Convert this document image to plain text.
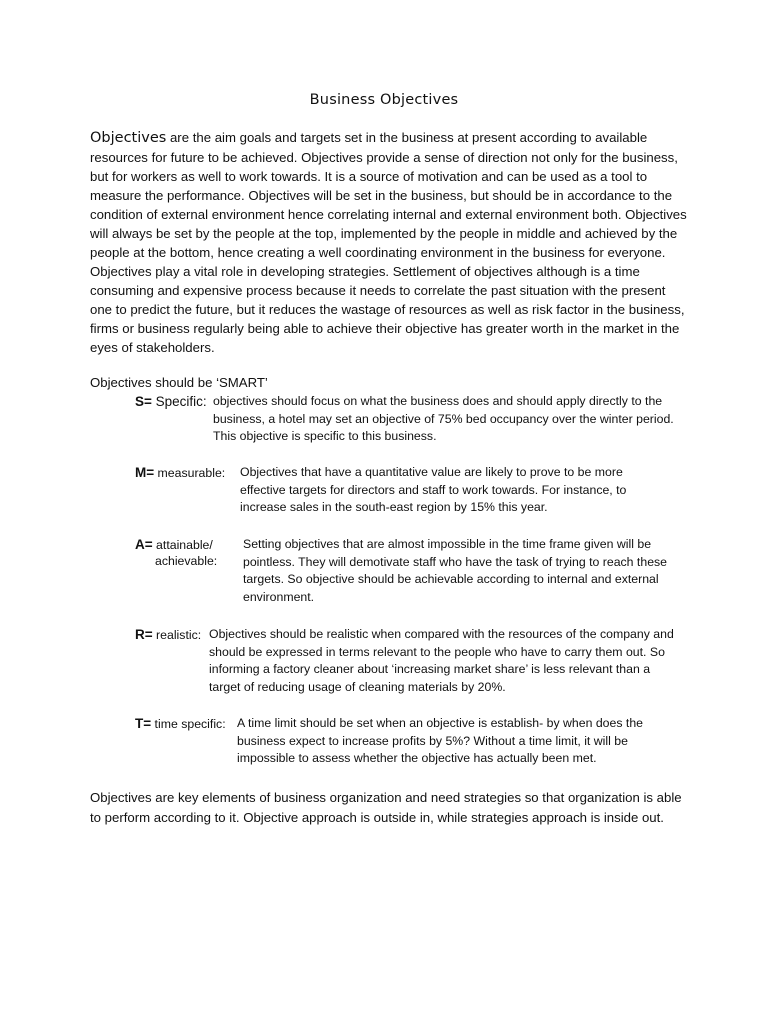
Business Objectives

Objectives are the aim goals and targets set in the business at present according to available resources for future to be achieved. Objectives provide a sense of direction not only for the business, but for workers as well to work towards. It is a source of motivation and can be used as a tool to measure the performance. Objectives will be set in the business, but should be in accordance to the condition of external environment hence correlating internal and external environment both. Objectives will always be set by the people at the top, implemented by the people in middle and achieved by the people at the bottom, hence creating a well coordinating environment in the business for everyone. Objectives play a vital role in developing strategies. Settlement of objectives although is a time consuming and expensive process because it needs to correlate the past situation with the present one to predict the future, but it reduces the wastage of resources as well as risk factor in the business, firms or business regularly being able to achieve their objective has greater worth in the market in the eyes of stakeholders.

Objectives should be ‘SMART’

S= Specific: objectives should focus on what the business does and should apply directly to the business, a hotel may set an objective of 75% bed occupancy over the winter period. This objective is specific to this business.
M= measurable: Objectives that have a quantitative value are likely to prove to be more effective targets for directors and staff to work towards. For instance, to increase sales in the south-east region by 15% this year.
A= attainable/
achievable:
Setting objectives that are almost impossible in the time frame given will be pointless. They will demotivate staff who have the task of trying to reach these targets. So objective should be achievable according to internal and external environment.
R= realistic: Objectives should be realistic when compared with the resources of the company and should be expressed in terms relevant to the people who have to carry them out. So informing a factory cleaner about ‘increasing market share’ is less relevant than a target of reducing usage of cleaning materials by 20%.
T= time specific: A time limit should be set when an objective is establish- by when does the business expect to increase profits by 5%? Without a time limit, it will be impossible to assess whether the objective has actually been met.

Objectives are key elements of business organization and need strategies so that organization is able to perform according to it. Objective approach is outside in, while strategies approach is inside out.
